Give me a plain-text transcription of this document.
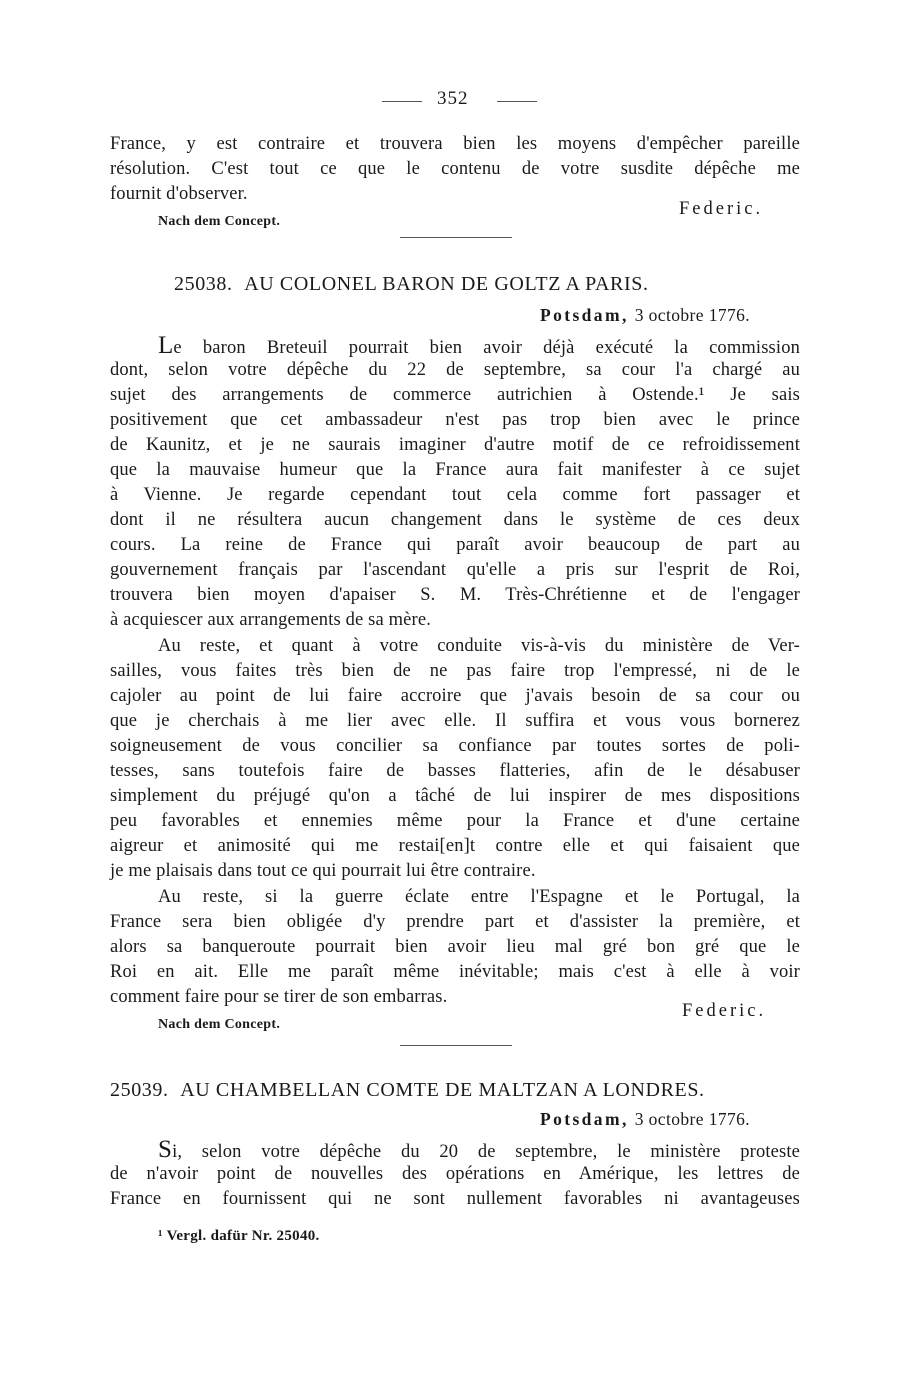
352
France, y est contraire et trouvera bien les moyens d'empêcher pareille
résolution. C'est tout ce que le contenu de votre susdite dépêche me
fournit d'observer.
Federic.
Nach dem Concept.
25038. AU COLONEL BARON DE GOLTZ A PARIS.
Potsdam, 3 octobre 1776.
Le baron Breteuil pourrait bien avoir déjà exécuté la commission
dont, selon votre dépêche du 22 de septembre, sa cour l'a chargé au
sujet des arrangements de commerce autrichien à Ostende.¹ Je sais
positivement que cet ambassadeur n'est pas trop bien avec le prince
de Kaunitz, et je ne saurais imaginer d'autre motif de ce refroidissement
que la mauvaise humeur que la France aura fait manifester à ce sujet
à Vienne. Je regarde cependant tout cela comme fort passager et
dont il ne résultera aucun changement dans le système de ces deux
cours. La reine de France qui paraît avoir beaucoup de part au
gouvernement français par l'ascendant qu'elle a pris sur l'esprit de Roi,
trouvera bien moyen d'apaiser S. M. Très-Chrétienne et de l'engager
à acquiescer aux arrangements de sa mère.
Au reste, et quant à votre conduite vis-à-vis du ministère de Ver-
sailles, vous faites très bien de ne pas faire trop l'empressé, ni de le
cajoler au point de lui faire accroire que j'avais besoin de sa cour ou
que je cherchais à me lier avec elle. Il suffira et vous vous bornerez
soigneusement de vous concilier sa confiance par toutes sortes de poli-
tesses, sans toutefois faire de basses flatteries, afin de le désabuser
simplement du préjugé qu'on a tâché de lui inspirer de mes dispositions
peu favorables et ennemies même pour la France et d'une certaine
aigreur et animosité qui me restai[en]t contre elle et qui faisaient que
je me plaisais dans tout ce qui pourrait lui être contraire.
Au reste, si la guerre éclate entre l'Espagne et le Portugal, la
France sera bien obligée d'y prendre part et d'assister la première, et
alors sa banqueroute pourrait bien avoir lieu mal gré bon gré que le
Roi en ait. Elle me paraît même inévitable; mais c'est à elle à voir
comment faire pour se tirer de son embarras.
Federic.
Nach dem Concept.
25039. AU CHAMBELLAN COMTE DE MALTZAN A LONDRES.
Potsdam, 3 octobre 1776.
Si, selon votre dépêche du 20 de septembre, le ministère proteste
de n'avoir point de nouvelles des opérations en Amérique, les lettres de
France en fournissent qui ne sont nullement favorables ni avantageuses
¹ Vergl. dafür Nr. 25040.
